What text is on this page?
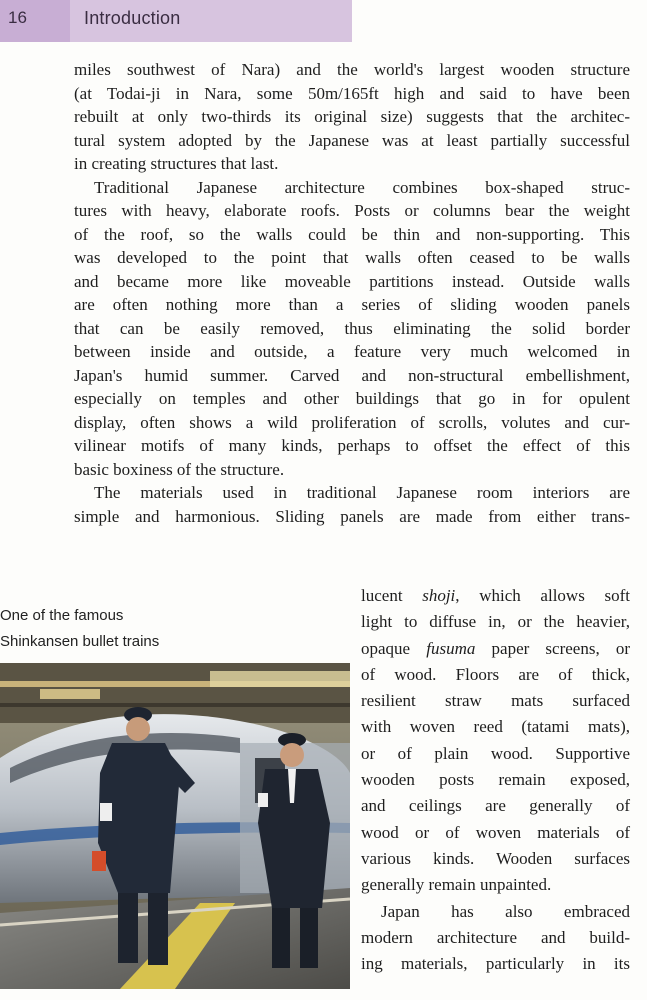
16	Introduction
miles southwest of Nara) and the world's largest wooden structure
(at Todai-ji in Nara, some 50m/165ft high and said to have been
rebuilt at only two-thirds its original size) suggests that the architec-
tural system adopted by the Japanese was at least partially successful
in creating structures that last.
Traditional Japanese architecture combines box-shaped struc-
tures with heavy, elaborate roofs. Posts or columns bear the weight
of the roof, so the walls could be thin and non-supporting. This
was developed to the point that walls often ceased to be walls
and became more like moveable partitions instead. Outside walls
are often nothing more than a series of sliding wooden panels
that can be easily removed, thus eliminating the solid border
between inside and outside, a feature very much welcomed in
Japan's humid summer. Carved and non-structural embellishment,
especially on temples and other buildings that go in for opulent
display, often shows a wild proliferation of scrolls, volutes and cur-
vilinear motifs of many kinds, perhaps to offset the effect of this
basic boxiness of the structure.
The materials used in traditional Japanese room interiors are
simple and harmonious. Sliding panels are made from either trans-
One of the famous
Shinkansen bullet trains
lucent shoji, which allows soft
light to diffuse in, or the heavier,
opaque fusuma paper screens, or
of wood. Floors are of thick,
resilient straw mats surfaced
with woven reed (tatami mats),
or of plain wood. Supportive
wooden posts remain exposed,
and ceilings are generally of
wood or of woven materials of
various kinds. Wooden surfaces
generally remain unpainted.
Japan has also embraced
modern architecture and build-
ing materials, particularly in its
